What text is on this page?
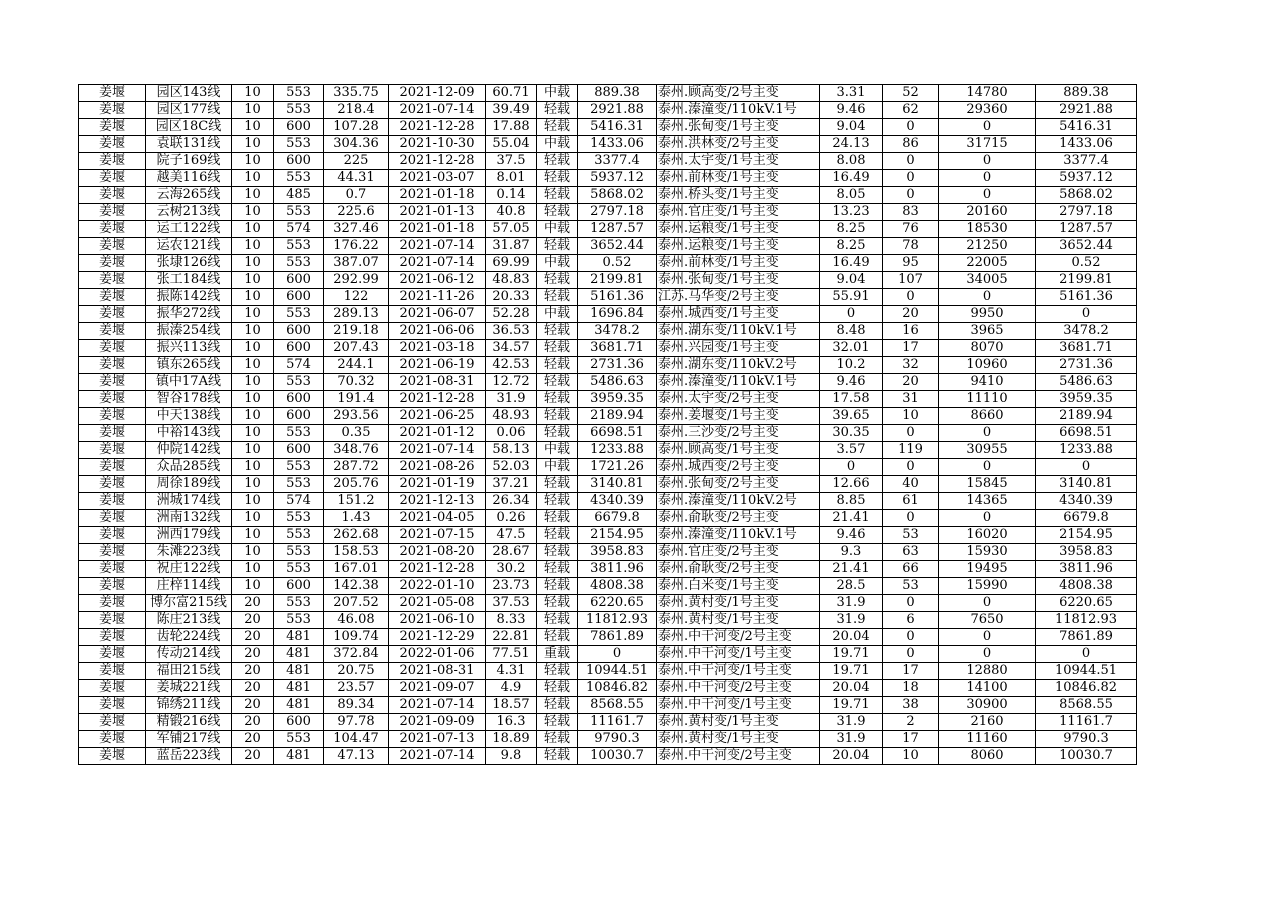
姜堰	园区143线	10	553	335.75	2021-12-09	60.71	中载	889.38	泰州.顾高变/2号主变	3.31	52	14780	889.38
姜堰	园区177线	10	553	218.4	2021-07-14	39.49	轻载	2921.88	泰州.溱潼变/110kV.1号	9.46	62	29360	2921.88
姜堰	园区18C线	10	600	107.28	2021-12-28	17.88	轻载	5416.31	泰州.张甸变/1号主变	9.04	0	0	5416.31
姜堰	袁联131线	10	553	304.36	2021-10-30	55.04	中载	1433.06	泰州.洪林变/2号主变	24.13	86	31715	1433.06
姜堰	院子169线	10	600	225	2021-12-28	37.5	轻载	3377.4	泰州.太宇变/1号主变	8.08	0	0	3377.4
姜堰	越美116线	10	553	44.31	2021-03-07	8.01	轻载	5937.12	泰州.前林变/1号主变	16.49	0	0	5937.12
姜堰	云海265线	10	485	0.7	2021-01-18	0.14	轻载	5868.02	泰州.桥头变/1号主变	8.05	0	0	5868.02
姜堰	云树213线	10	553	225.6	2021-01-13	40.8	轻载	2797.18	泰州.官庄变/1号主变	13.23	83	20160	2797.18
姜堰	运工122线	10	574	327.46	2021-01-18	57.05	中载	1287.57	泰州.运粮变/1号主变	8.25	76	18530	1287.57
姜堰	运农121线	10	553	176.22	2021-07-14	31.87	轻载	3652.44	泰州.运粮变/1号主变	8.25	78	21250	3652.44
姜堰	张埭126线	10	553	387.07	2021-07-14	69.99	中载	0.52	泰州.前林变/1号主变	16.49	95	22005	0.52
姜堰	张工184线	10	600	292.99	2021-06-12	48.83	轻载	2199.81	泰州.张甸变/1号主变	9.04	107	34005	2199.81
姜堰	振陈142线	10	600	122	2021-11-26	20.33	轻载	5161.36	江苏.马华变/2号主变	55.91	0	0	5161.36
姜堰	振华272线	10	553	289.13	2021-06-07	52.28	中载	1696.84	泰州.城西变/1号主变	0	20	9950	0
姜堰	振溱254线	10	600	219.18	2021-06-06	36.53	轻载	3478.2	泰州.湖东变/110kV.1号	8.48	16	3965	3478.2
姜堰	振兴113线	10	600	207.43	2021-03-18	34.57	轻载	3681.71	泰州.兴园变/1号主变	32.01	17	8070	3681.71
姜堰	镇东265线	10	574	244.1	2021-06-19	42.53	轻载	2731.36	泰州.湖东变/110kV.2号	10.2	32	10960	2731.36
姜堰	镇中17A线	10	553	70.32	2021-08-31	12.72	轻载	5486.63	泰州.溱潼变/110kV.1号	9.46	20	9410	5486.63
姜堰	智谷178线	10	600	191.4	2021-12-28	31.9	轻载	3959.35	泰州.太宇变/2号主变	17.58	31	11110	3959.35
姜堰	中天138线	10	600	293.56	2021-06-25	48.93	轻载	2189.94	泰州.姜堰变/1号主变	39.65	10	8660	2189.94
姜堰	中裕143线	10	553	0.35	2021-01-12	0.06	轻载	6698.51	泰州.三沙变/2号主变	30.35	0	0	6698.51
姜堰	仲院142线	10	600	348.76	2021-07-14	58.13	中载	1233.88	泰州.顾高变/1号主变	3.57	119	30955	1233.88
姜堰	众品285线	10	553	287.72	2021-08-26	52.03	中载	1721.26	泰州.城西变/2号主变	0	0	0	0
姜堰	周徐189线	10	553	205.76	2021-01-19	37.21	轻载	3140.81	泰州.张甸变/2号主变	12.66	40	15845	3140.81
姜堰	洲城174线	10	574	151.2	2021-12-13	26.34	轻载	4340.39	泰州.溱潼变/110kV.2号	8.85	61	14365	4340.39
姜堰	洲南132线	10	553	1.43	2021-04-05	0.26	轻载	6679.8	泰州.俞耿变/2号主变	21.41	0	0	6679.8
姜堰	洲西179线	10	553	262.68	2021-07-15	47.5	轻载	2154.95	泰州.溱潼变/110kV.1号	9.46	53	16020	2154.95
姜堰	朱滩223线	10	553	158.53	2021-08-20	28.67	轻载	3958.83	泰州.官庄变/2号主变	9.3	63	15930	3958.83
姜堰	祝庄122线	10	553	167.01	2021-12-28	30.2	轻载	3811.96	泰州.俞耿变/2号主变	21.41	66	19495	3811.96
姜堰	庄梓114线	10	600	142.38	2022-01-10	23.73	轻载	4808.38	泰州.白米变/1号主变	28.5	53	15990	4808.38
姜堰	博尔富215线	20	553	207.52	2021-05-08	37.53	轻载	6220.65	泰州.黄村变/1号主变	31.9	0	0	6220.65
姜堰	陈庄213线	20	553	46.08	2021-06-10	8.33	轻载	11812.93	泰州.黄村变/1号主变	31.9	6	7650	11812.93
姜堰	齿轮224线	20	481	109.74	2021-12-29	22.81	轻载	7861.89	泰州.中干河变/2号主变	20.04	0	0	7861.89
姜堰	传动214线	20	481	372.84	2022-01-06	77.51	重载	0	泰州.中干河变/1号主变	19.71	0	0	0
姜堰	福田215线	20	481	20.75	2021-08-31	4.31	轻载	10944.51	泰州.中干河变/1号主变	19.71	17	12880	10944.51
姜堰	姜城221线	20	481	23.57	2021-09-07	4.9	轻载	10846.82	泰州.中干河变/2号主变	20.04	18	14100	10846.82
姜堰	锦绣211线	20	481	89.34	2021-07-14	18.57	轻载	8568.55	泰州.中干河变/1号主变	19.71	38	30900	8568.55
姜堰	精锻216线	20	600	97.78	2021-09-09	16.3	轻载	11161.7	泰州.黄村变/1号主变	31.9	2	2160	11161.7
姜堰	军铺217线	20	553	104.47	2021-07-13	18.89	轻载	9790.3	泰州.黄村变/1号主变	31.9	17	11160	9790.3
姜堰	蓝岳223线	20	481	47.13	2021-07-14	9.8	轻载	10030.7	泰州.中干河变/2号主变	20.04	10	8060	10030.7
